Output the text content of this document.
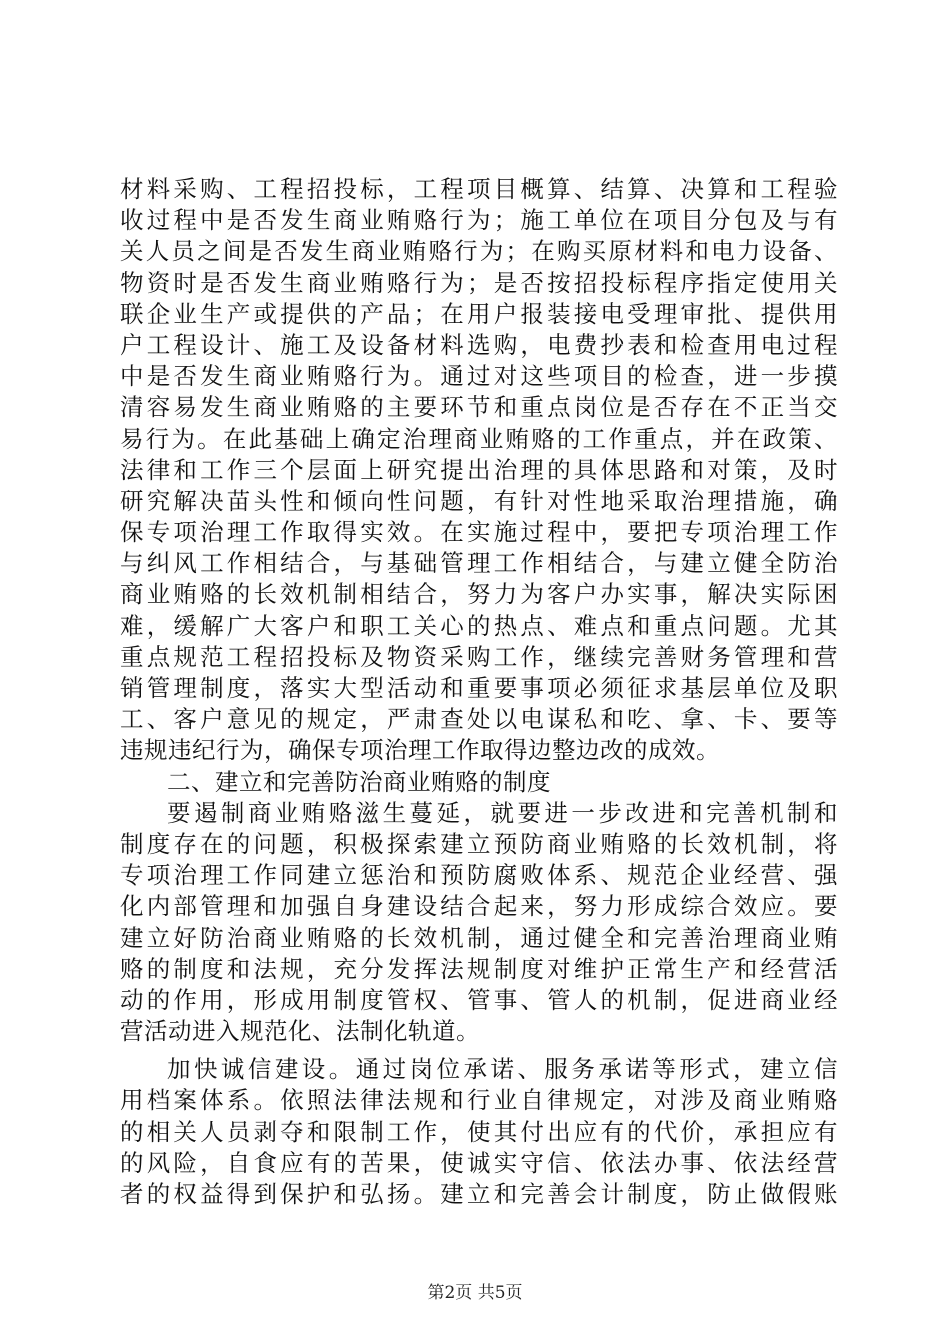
材料采购、工程招投标，工程项目概算、结算、决算和工程验
收过程中是否发生商业贿赂行为；施工单位在项目分包及与有
关人员之间是否发生商业贿赂行为；在购买原材料和电力设备、
物资时是否发生商业贿赂行为；是否按招投标程序指定使用关
联企业生产或提供的产品；在用户报装接电受理审批、提供用
户工程设计、施工及设备材料选购，电费抄表和检查用电过程
中是否发生商业贿赂行为。通过对这些项目的检查，进一步摸
清容易发生商业贿赂的主要环节和重点岗位是否存在不正当交
易行为。在此基础上确定治理商业贿赂的工作重点，并在政策、
法律和工作三个层面上研究提出治理的具体思路和对策，及时
研究解决苗头性和倾向性问题，有针对性地采取治理措施，确
保专项治理工作取得实效。在实施过程中，要把专项治理工作
与纠风工作相结合，与基础管理工作相结合，与建立健全防治
商业贿赂的长效机制相结合，努力为客户办实事，解决实际困
难，缓解广大客户和职工关心的热点、难点和重点问题。尤其
重点规范工程招投标及物资采购工作，继续完善财务管理和营
销管理制度，落实大型活动和重要事项必须征求基层单位及职
工、客户意见的规定，严肃查处以电谋私和吃、拿、卡、要等
违规违纪行为，确保专项治理工作取得边整边改的成效。
二、建立和完善防治商业贿赂的制度
要遏制商业贿赂滋生蔓延，就要进一步改进和完善机制和
制度存在的问题，积极探索建立预防商业贿赂的长效机制，将
专项治理工作同建立惩治和预防腐败体系、规范企业经营、强
化内部管理和加强自身建设结合起来，努力形成综合效应。要
建立好防治商业贿赂的长效机制，通过健全和完善治理商业贿
赂的制度和法规，充分发挥法规制度对维护正常生产和经营活
动的作用，形成用制度管权、管事、管人的机制，促进商业经
营活动进入规范化、法制化轨道。
加快诚信建设。通过岗位承诺、服务承诺等形式，建立信
用档案体系。依照法律法规和行业自律规定，对涉及商业贿赂
的相关人员剥夺和限制工作，使其付出应有的代价，承担应有
的风险，自食应有的苦果，使诚实守信、依法办事、依法经营
者的权益得到保护和弘扬。建立和完善会计制度，防止做假账
第2页 共5页
